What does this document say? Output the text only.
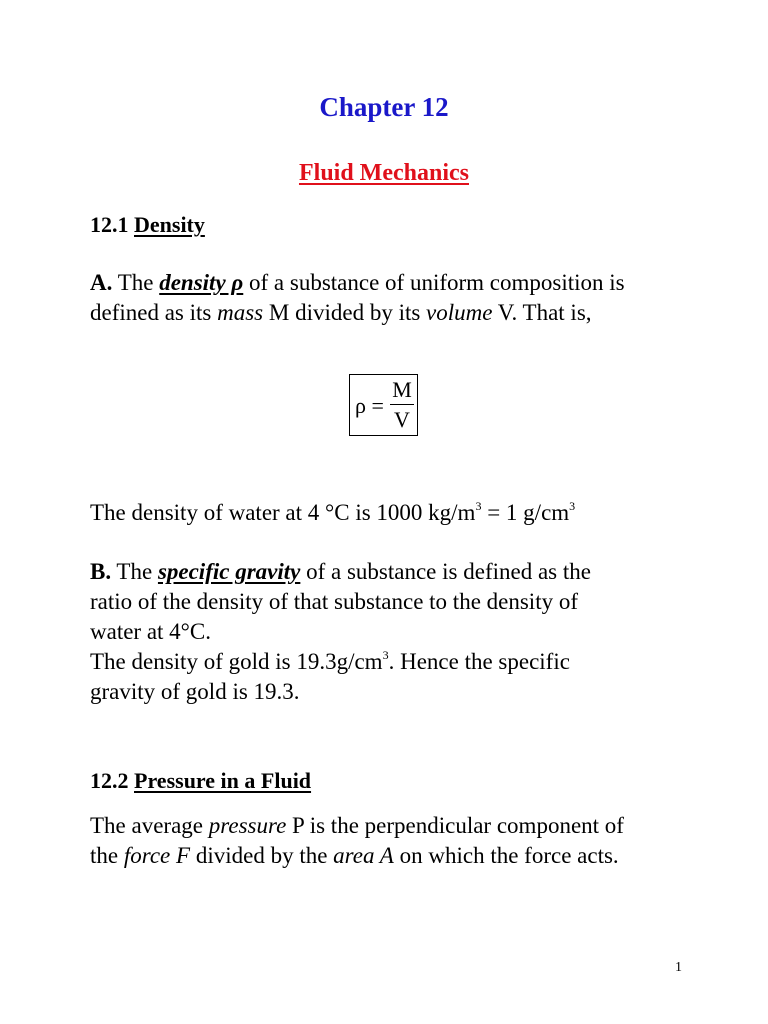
Chapter 12
Fluid Mechanics
12.1 Density
A. The density ρ of a substance of uniform composition is
defined as its mass M divided by its volume V. That is,
ρ =
M
V
The density of water at 4 °C is 1000 $kg/m^3 = 1$ $g/cm^3$
B. The specific gravity of a substance is defined as the
ratio of the density of that substance to the density of
water at 4°C.
The density of gold is $19.3g/cm^3$. Hence the specific
gravity of gold is 19.3.
12.2 Pressure in a Fluid
The average pressure P is the perpendicular component of
the force F divided by the area A on which the force acts.
1
